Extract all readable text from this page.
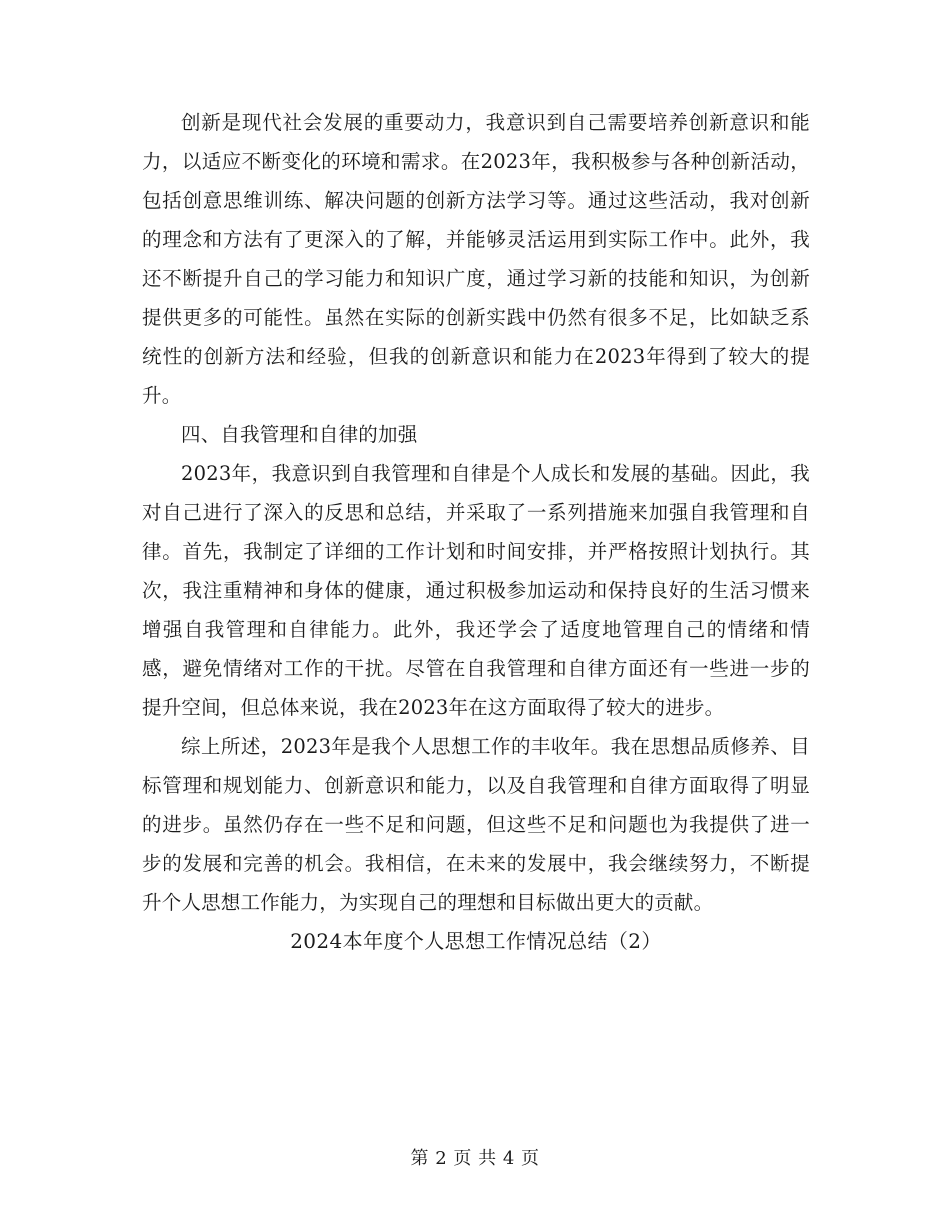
创新是现代社会发展的重要动力，我意识到自己需要培养创新意识和能力，以适应不断变化的环境和需求。在2023年，我积极参与各种创新活动，包括创意思维训练、解决问题的创新方法学习等。通过这些活动，我对创新的理念和方法有了更深入的了解，并能够灵活运用到实际工作中。此外，我还不断提升自己的学习能力和知识广度，通过学习新的技能和知识，为创新提供更多的可能性。虽然在实际的创新实践中仍然有很多不足，比如缺乏系统性的创新方法和经验，但我的创新意识和能力在2023年得到了较大的提升。

四、自我管理和自律的加强

2023年，我意识到自我管理和自律是个人成长和发展的基础。因此，我对自己进行了深入的反思和总结，并采取了一系列措施来加强自我管理和自律。首先，我制定了详细的工作计划和时间安排，并严格按照计划执行。其次，我注重精神和身体的健康，通过积极参加运动和保持良好的生活习惯来增强自我管理和自律能力。此外，我还学会了适度地管理自己的情绪和情感，避免情绪对工作的干扰。尽管在自我管理和自律方面还有一些进一步的提升空间，但总体来说，我在2023年在这方面取得了较大的进步。

综上所述，2023年是我个人思想工作的丰收年。我在思想品质修养、目标管理和规划能力、创新意识和能力，以及自我管理和自律方面取得了明显的进步。虽然仍存在一些不足和问题，但这些不足和问题也为我提供了进一步的发展和完善的机会。我相信，在未来的发展中，我会继续努力，不断提升个人思想工作能力，为实现自己的理想和目标做出更大的贡献。

2024本年度个人思想工作情况总结（2）

第 2 页 共 4 页
